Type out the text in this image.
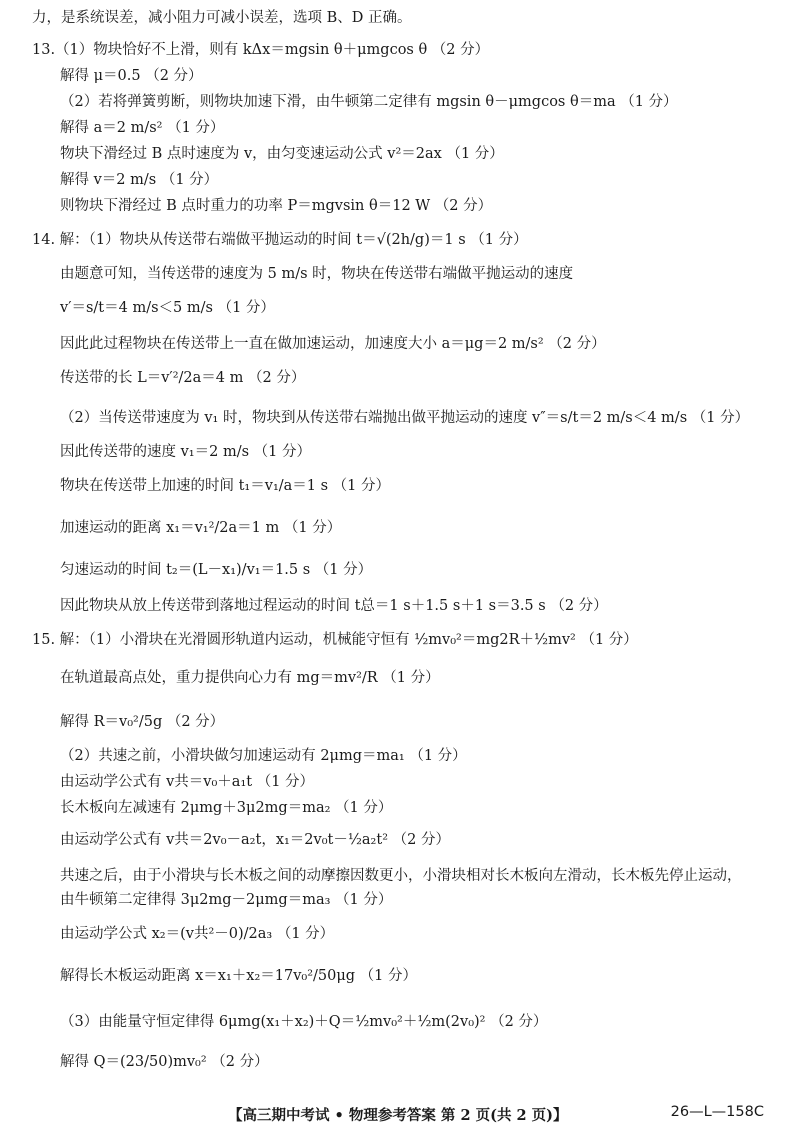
力，是系统误差，减小阻力可减小误差，选项 B、D 正确。
13.（1）物块恰好不上滑，则有 kΔx＝mgsin θ＋μmgcos θ （2 分）
解得 μ＝0.5 （2 分）
（2）若将弹簧剪断，则物块加速下滑，由牛顿第二定律有 mgsin θ－μmgcos θ＝ma （1 分）
解得 a＝2 m/s² （1 分）
物块下滑经过 B 点时速度为 v，由匀变速运动公式 v²＝2ax （1 分）
解得 v＝2 m/s （1 分）
则物块下滑经过 B 点时重力的功率 P＝mgvsin θ＝12 W （2 分）
14. 解：（1）物块从传送带右端做平抛运动的时间 t＝√(2h/g)＝1 s （1 分）
由题意可知，当传送带的速度为 5 m/s 时，物块在传送带右端做平抛运动的速度
v′＝s/t＝4 m/s＜5 m/s （1 分）
因此此过程物块在传送带上一直在做加速运动，加速度大小 a＝μg＝2 m/s² （2 分）
传送带的长 L＝v′²/2a＝4 m （2 分）
（2）当传送带速度为 v₁ 时，物块到从传送带右端抛出做平抛运动的速度 v″＝s/t＝2 m/s＜4 m/s （1 分）
因此传送带的速度 v₁＝2 m/s （1 分）
物块在传送带上加速的时间 t₁＝v₁/a＝1 s （1 分）
加速运动的距离 x₁＝v₁²/2a＝1 m （1 分）
匀速运动的时间 t₂＝(L－x₁)/v₁＝1.5 s （1 分）
因此物块从放上传送带到落地过程运动的时间 t总＝1 s＋1.5 s＋1 s＝3.5 s （2 分）
15. 解：（1）小滑块在光滑圆形轨道内运动，机械能守恒有 ½mv₀²＝mg2R＋½mv² （1 分）
在轨道最高点处，重力提供向心力有 mg＝mv²/R （1 分）
解得 R＝v₀²/5g （2 分）
（2）共速之前，小滑块做匀加速运动有 2μmg＝ma₁ （1 分）
由运动学公式有 v共＝v₀＋a₁t （1 分）
长木板向左减速有 2μmg＋3μ2mg＝ma₂ （1 分）
由运动学公式有 v共＝2v₀－a₂t，x₁＝2v₀t－½a₂t² （2 分）
共速之后，由于小滑块与长木板之间的动摩擦因数更小，小滑块相对长木板向左滑动，长木板先停止运动，
由牛顿第二定律得 3μ2mg－2μmg＝ma₃ （1 分）
由运动学公式 x₂＝(v共²－0)/2a₃ （1 分）
解得长木板运动距离 x＝x₁＋x₂＝17v₀²/50μg （1 分）
（3）由能量守恒定律得 6μmg(x₁＋x₂)＋Q＝½mv₀²＋½m(2v₀)² （2 分）
解得 Q＝(23/50)mv₀² （2 分）
【高三期中考试 • 物理参考答案 第 2 页(共 2 页)】	26—L—158C
